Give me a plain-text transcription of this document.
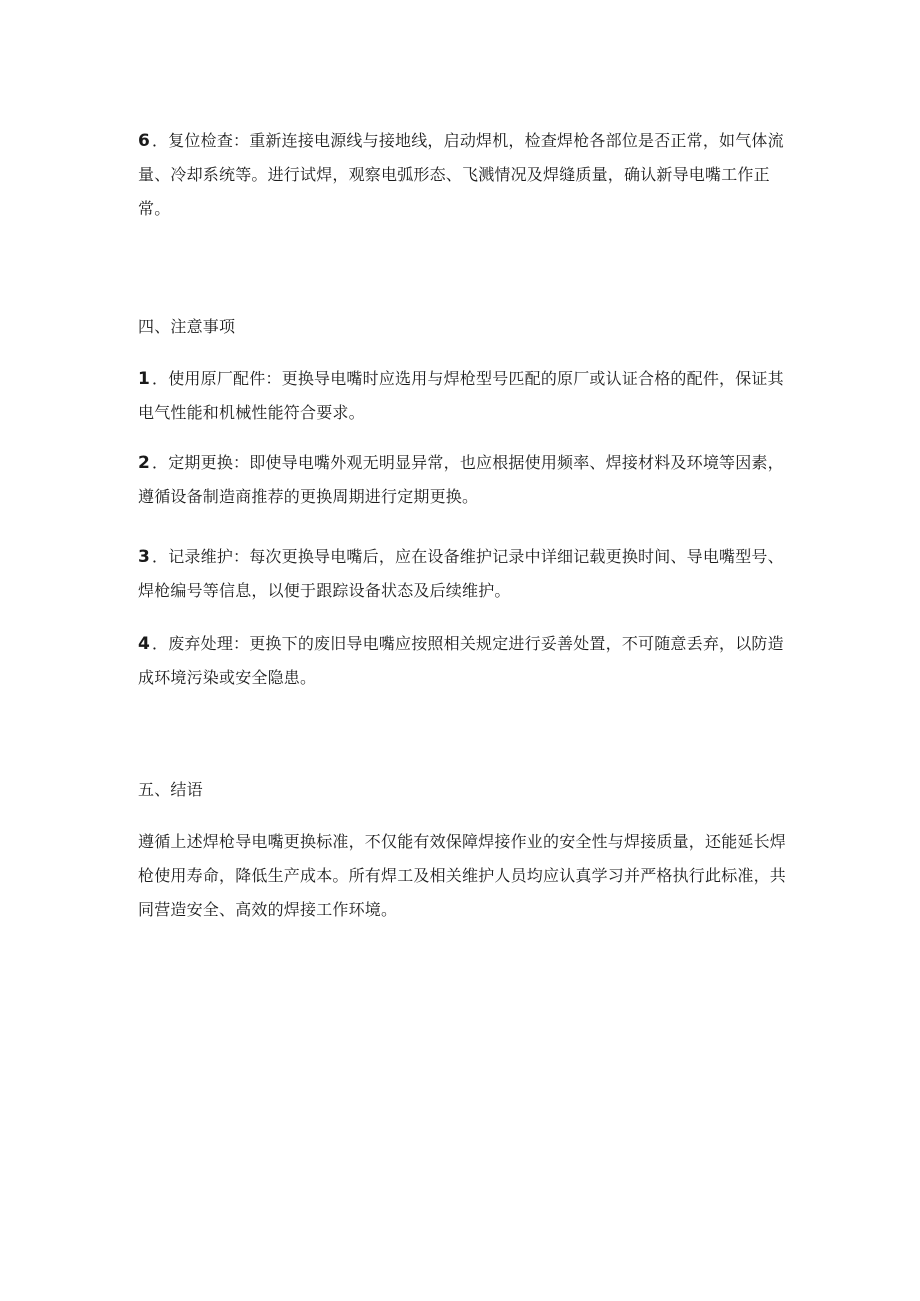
6 ．复位检查：重新连接电源线与接地线，启动焊机，检查焊枪各部位是否正常，如气体流量、冷却系统等。进行试焊，观察电弧形态、飞溅情况及焊缝质量，确认新导电嘴工作正常。

四、注意事项

1 ．使用原厂配件：更换导电嘴时应选用与焊枪型号匹配的原厂或认证合格的配件，保证其电气性能和机械性能符合要求。

2 ．定期更换：即使导电嘴外观无明显异常，也应根据使用频率、焊接材料及环境等因素，遵循设备制造商推荐的更换周期进行定期更换。

3 ．记录维护：每次更换导电嘴后，应在设备维护记录中详细记载更换时间、导电嘴型号、焊枪编号等信息，以便于跟踪设备状态及后续维护。

4 ．废弃处理：更换下的废旧导电嘴应按照相关规定进行妥善处置，不可随意丢弃，以防造成环境污染或安全隐患。

五、结语

遵循上述焊枪导电嘴更换标准，不仅能有效保障焊接作业的安全性与焊接质量，还能延长焊枪使用寿命，降低生产成本。所有焊工及相关维护人员均应认真学习并严格执行此标准，共同营造安全、高效的焊接工作环境。
